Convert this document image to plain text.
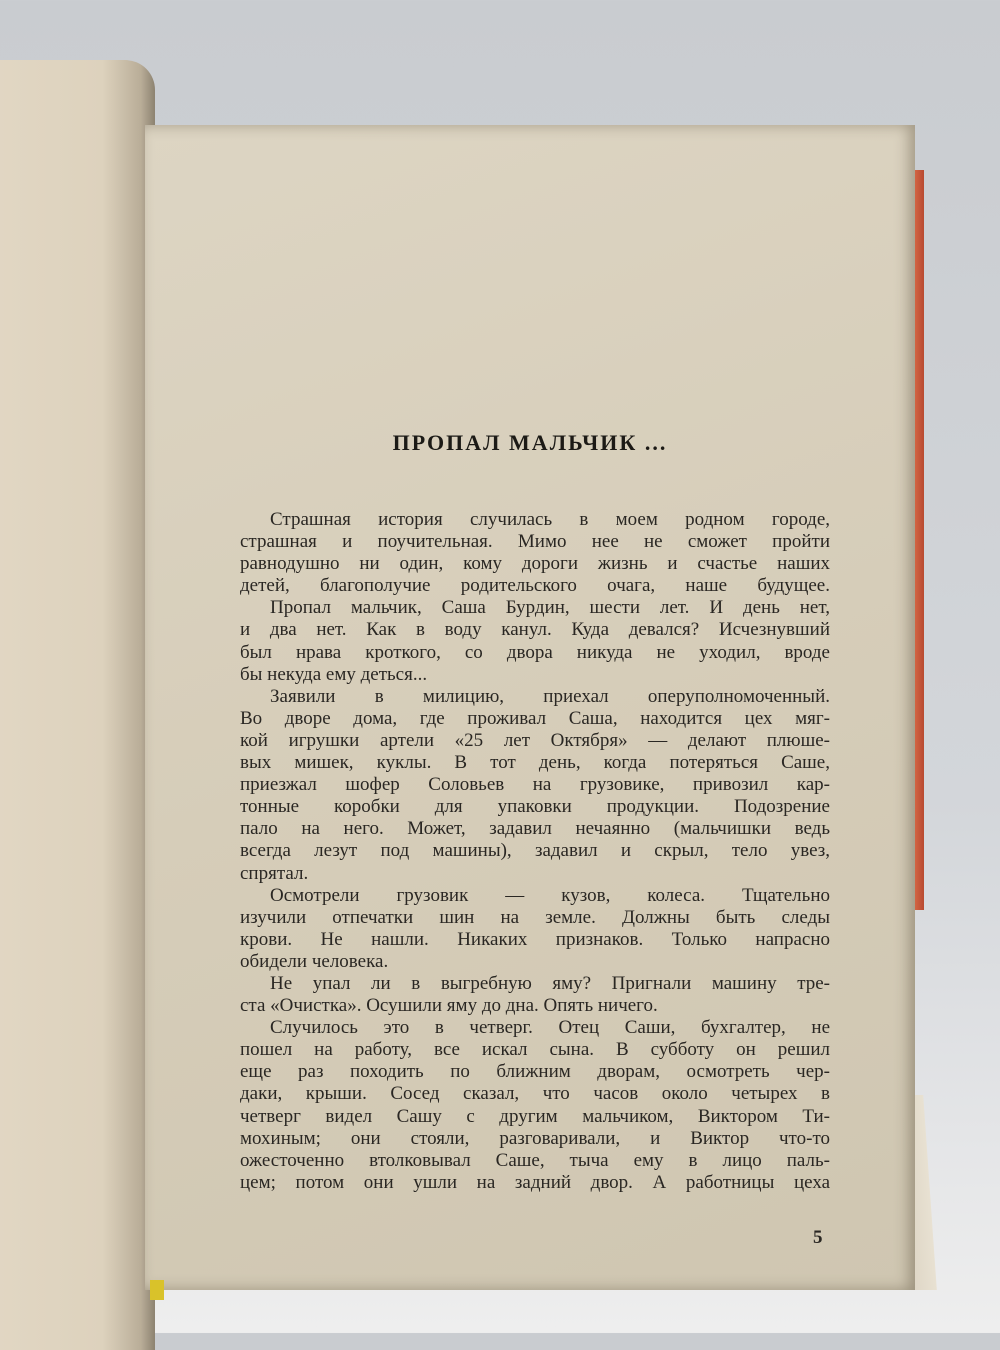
ПРОПАЛ МАЛЬЧИК ...
Страшная история случилась в моем родном городе,
страшная и поучительная. Мимо нее не сможет пройти
равнодушно ни один, кому дороги жизнь и счастье наших
детей, благополучие родительского очага, наше будущее.
Пропал мальчик, Саша Бурдин, шести лет. И день нет,
и два нет. Как в воду канул. Куда девался? Исчезнувший
был нрава кроткого, со двора никуда не уходил, вроде
бы некуда ему деться...
Заявили в милицию, приехал оперуполномоченный.
Во дворе дома, где проживал Саша, находится цех мяг-
кой игрушки артели «25 лет Октября» — делают плюше-
вых мишек, куклы. В тот день, когда потеряться Саше,
приезжал шофер Соловьев на грузовике, привозил кар-
тонные коробки для упаковки продукции. Подозрение
пало на него. Может, задавил нечаянно (мальчишки ведь
всегда лезут под машины), задавил и скрыл, тело увез,
спрятал.
Осмотрели грузовик — кузов, колеса. Тщательно
изучили отпечатки шин на земле. Должны быть следы
крови. Не нашли. Никаких признаков. Только напрасно
обидели человека.
Не упал ли в выгребную яму? Пригнали машину тре-
ста «Очистка». Осушили яму до дна. Опять ничего.
Случилось это в четверг. Отец Саши, бухгалтер, не
пошел на работу, все искал сына. В субботу он решил
еще раз походить по ближним дворам, осмотреть чер-
даки, крыши. Сосед сказал, что часов около четырех в
четверг видел Сашу с другим мальчиком, Виктором Ти-
мохиным; они стояли, разговаривали, и Виктор что-то
ожесточенно втолковывал Саше, тыча ему в лицо паль-
цем; потом они ушли на задний двор. А работницы цеха
5
